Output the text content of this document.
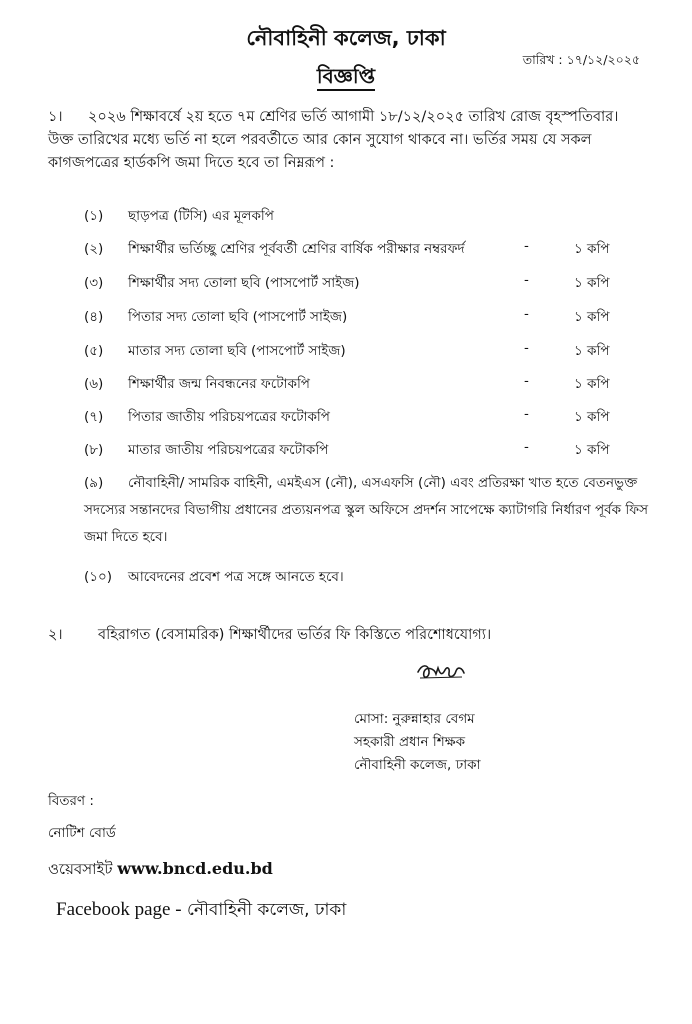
নৌবাহিনী কলেজ, ঢাকা
তারিখ : ১৭/১২/২০২৫
বিজ্ঞপ্তি
১। ২০২৬ শিক্ষাবর্ষে ২য় হতে ৭ম শ্রেণির ভর্তি আগামী ১৮/১২/২০২৫ তারিখ রোজ বৃহস্পতিবার। উক্ত তারিখের মধ্যে ভর্তি না হলে পরবর্তীতে আর কোন সুযোগ থাকবে না। ভর্তির সময় যে সকল কাগজপত্রের হার্ডকপি জমা দিতে হবে তা নিম্নরূপ :
(১) ছাড়পত্র (টিসি) এর মূলকপি
(২) শিক্ষার্থীর ভর্তিচ্ছু শ্রেণির পূর্ববর্তী শ্রেণির বার্ষিক পরীক্ষার নম্বরফর্দ	-	১ কপি
(৩) শিক্ষার্থীর সদ্য তোলা ছবি (পাসপোর্ট সাইজ)	-	১ কপি
(৪) পিতার সদ্য তোলা ছবি (পাসপোর্ট সাইজ)	-	১ কপি
(৫) মাতার সদ্য তোলা ছবি (পাসপোর্ট সাইজ)	-	১ কপি
(৬) শিক্ষার্থীর জন্ম নিবন্ধনের ফটোকপি	-	১ কপি
(৭) পিতার জাতীয় পরিচয়পত্রের ফটোকপি	-	১ কপি
(৮) মাতার জাতীয় পরিচয়পত্রের ফটোকপি	-	১ কপি
(৯) নৌবাহিনী/ সামরিক বাহিনী, এমইএস (নৌ), এসএফসি (নৌ) এবং প্রতিরক্ষা খাত হতে বেতনভুক্ত সদস্যের সন্তানদের বিভাগীয় প্রধানের প্রত্যয়নপত্র স্কুল অফিসে প্রদর্শন সাপেক্ষে ক্যাটাগরি নির্ধারণ পূর্বক ফিস জমা দিতে হবে।
(১০) আবেদনের প্রবেশ পত্র সঙ্গে আনতে হবে।
২। বহিরাগত (বেসামরিক) শিক্ষার্থীদের ভর্তির ফি কিস্তিতে পরিশোধযোগ্য।
মোসা: নুরুন্নাহার বেগম
সহকারী প্রধান শিক্ষক
নৌবাহিনী কলেজ, ঢাকা
বিতরণ :
নোটিশ বোর্ড
ওয়েবসাইট www.bncd.edu.bd
Facebook page - নৌবাহিনী কলেজ, ঢাকা
